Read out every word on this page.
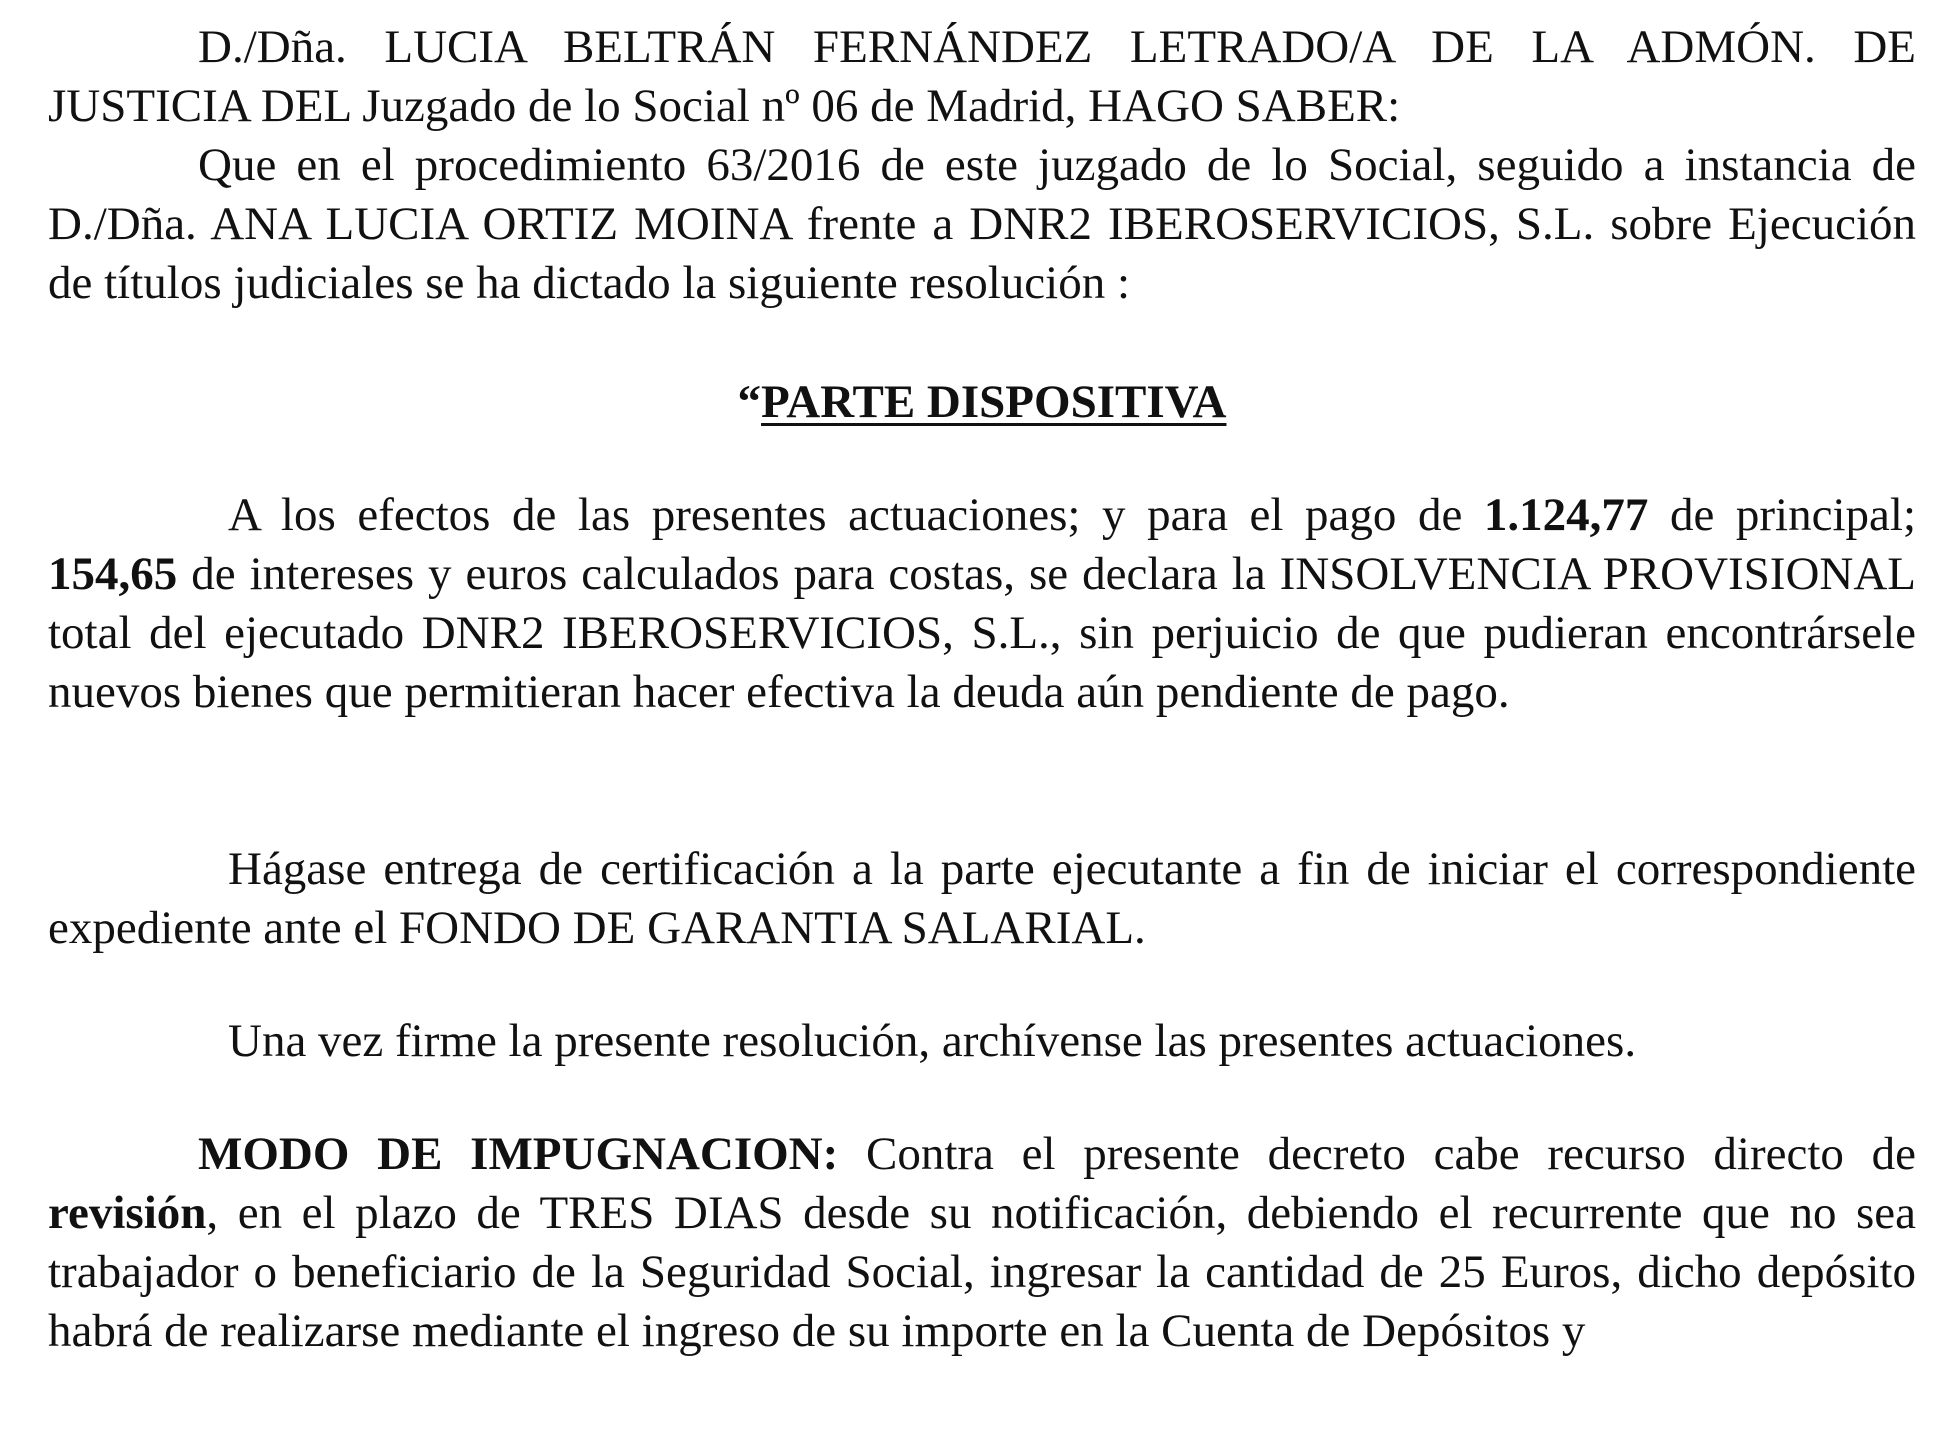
D./Dña. LUCIA BELTRÁN FERNÁNDEZ LETRADO/A DE LA ADMÓN. DE JUSTICIA DEL Juzgado de lo Social nº 06 de Madrid, HAGO SABER:

Que en el procedimiento 63/2016 de este juzgado de lo Social, seguido a instancia de D./Dña. ANA LUCIA ORTIZ MOINA frente a DNR2 IBEROSERVICIOS, S.L. sobre Ejecución de títulos judiciales se ha dictado la siguiente resolución :

“PARTE DISPOSITIVA

A los efectos de las presentes actuaciones; y para el pago de 1.124,77 de principal; 154,65 de intereses y euros calculados para costas, se declara la INSOLVENCIA PROVISIONAL total del ejecutado DNR2 IBEROSERVICIOS, S.L., sin perjuicio de que pudieran encontrársele nuevos bienes que permitieran hacer efectiva la deuda aún pendiente de pago.

Hágase entrega de certificación a la parte ejecutante a fin de iniciar el correspondiente expediente ante el FONDO DE GARANTIA SALARIAL.

Una vez firme la presente resolución, archívense las presentes actuaciones.

MODO DE IMPUGNACION: Contra el presente decreto cabe recurso directo de revisión, en el plazo de TRES DIAS desde su notificación, debiendo el recurrente que no sea trabajador o beneficiario de la Seguridad Social, ingresar la cantidad de 25 Euros, dicho depósito habrá de realizarse mediante el ingreso de su importe en la Cuenta de Depósitos y
